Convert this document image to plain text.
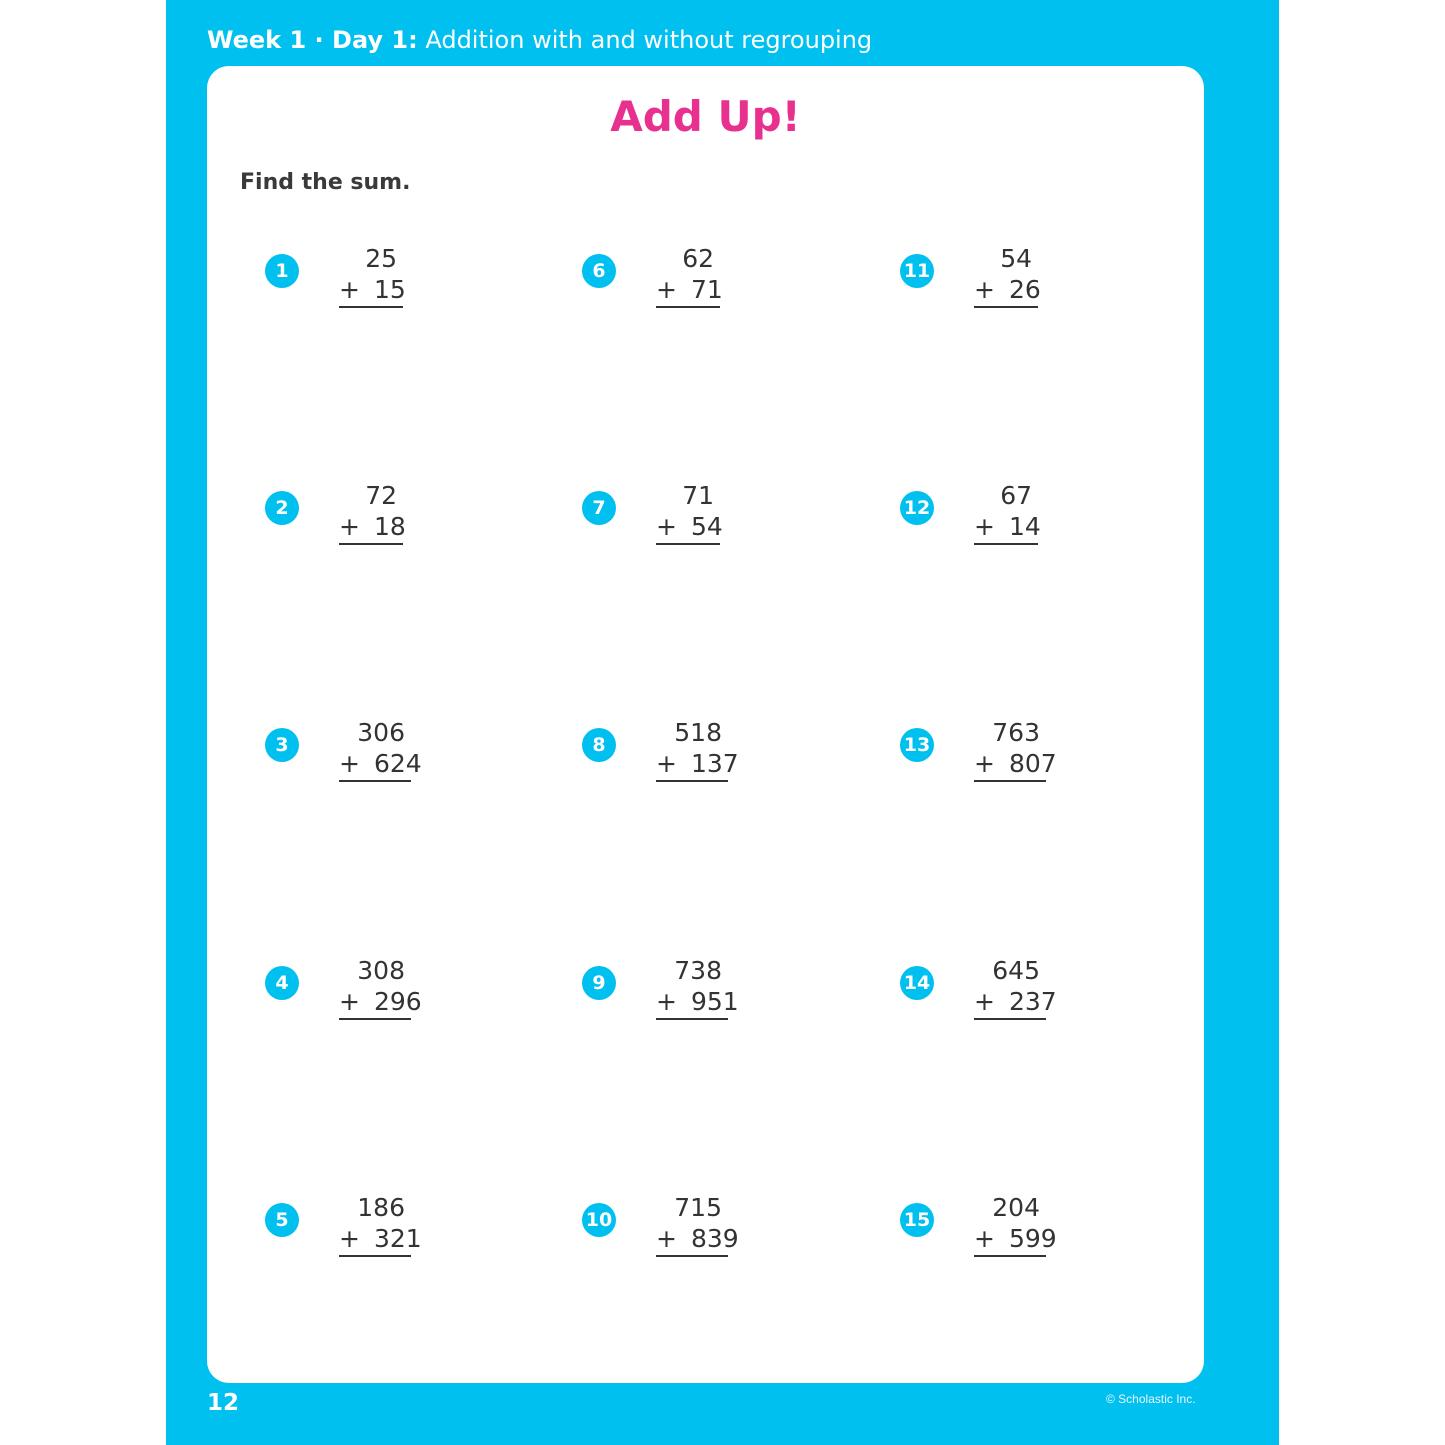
Week 1 · Day 1: Addition with and without regrouping
Add Up!
Find the sum.
1	25
+ 15
2	72
+ 18
3	306
+ 624
4	308
+ 296
5	186
+ 321
6	62
+ 71
7	71
+ 54
8	518
+ 137
9	738
+ 951
10	715
+ 839
11	54
+ 26
12	67
+ 14
13	763
+ 807
14	645
+ 237
15	204
+ 599
12	© Scholastic Inc.
